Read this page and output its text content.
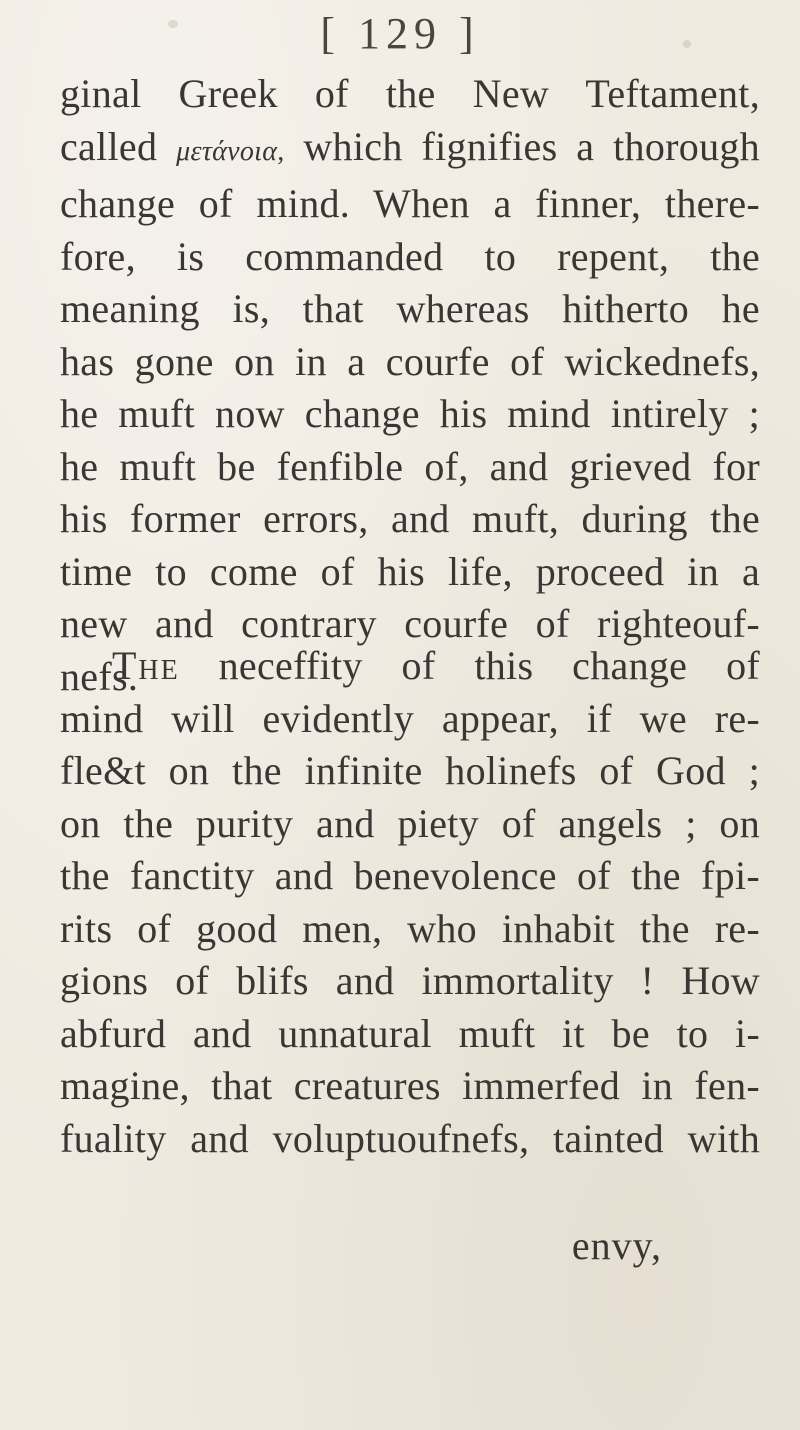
[ 129 ]
ginal Greek of the New Teftament,
called μετάνοια, which fignifies a thorough
change of mind. When a finner, there-
fore, is commanded to repent, the
meaning is, that whereas hitherto he
has gone on in a courfe of wickednefs,
he muft now change his mind intirely ;
he muft be fenfible of, and grieved for
his former errors, and muft, during the
time to come of his life, proceed in a
new and contrary courfe of righteouf-
nefs.
The neceffity of this change of
mind will evidently appear, if we re-
fle&t on the infinite holinefs of God ;
on the purity and piety of angels ; on
the fanctity and benevolence of the fpi-
rits of good men, who inhabit the re-
gions of blifs and immortality ! How
abfurd and unnatural muft it be to i-
magine, that creatures immerfed in fen-
fuality and voluptuoufnefs, tainted with
envy,
